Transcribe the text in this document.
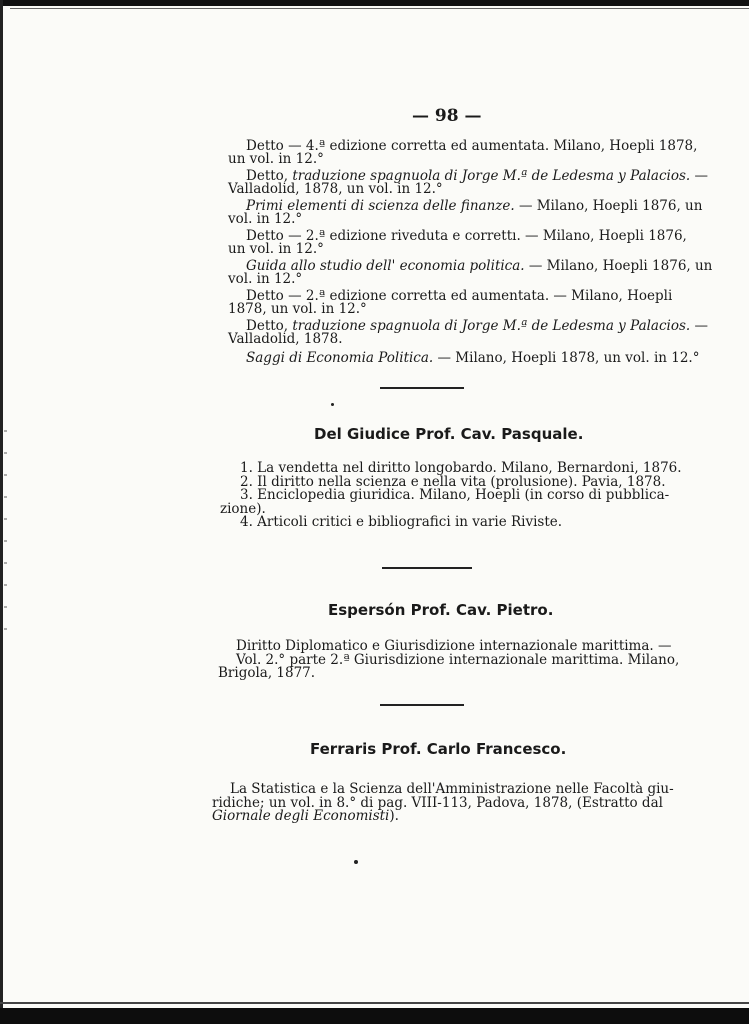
— 98 —
Detto — 4.ª edizione corretta ed aumentata. Milano, Hoepli 1878,
un vol. in 12.°
Detto, traduzione spagnuola di Jorge M.ª de Ledesma y Palacios. —
Valladolid, 1878, un vol. in 12.°
Primi elementi di scienza delle finanze. — Milano, Hoepli 1876, un
vol. in 12.°
Detto — 2.ª edizione riveduta e corrett⁠ı. — Milano, Hoepli 1876,
un vol. in 12.°
Guida allo studio dell' economia politica. — Milano, Hoepli 1876, un
vol. in 12.°
Detto — 2.ª edizione corretta ed aumentata. — Milano, Hoepli
1878, un vol. in 12.°
Detto, traduzione spagnuola di Jorge M.ª de Ledesma y Palacios. —
Valladolid, 1878.
Saggi di Economia Politica. — Milano, Hoepli 1878, un vol. in 12.°
Del Giudice Prof. Cav. Pasquale.
1. La vendetta nel diritto longobardo. Milano, Bernardoni, 1876.
2. Il diritto nella scienza e nella vita (prolusione). Pavia, 1878.
3. Enciclopedia giuridica. Milano, Hoepli (in corso di pubblica-
zione).
4. Articoli critici e bibliografici in varie Riviste.
Espersón Prof. Cav. Pietro.
Diritto Diplomatico e Giurisdizione internazionale marittima. —
Vol. 2.° parte 2.ª Giurisdizione internazionale marittima. Milano,
Brigola, 1877.
Ferraris Prof. Carlo Francesco.
La Statistica e la Scienza dell'Amministrazione nelle Facoltà giu-
ridiche; un vol. in 8.° di pag. VIII-113, Padova, 1878, (Estratto dal
Giornale degli Economisti).
